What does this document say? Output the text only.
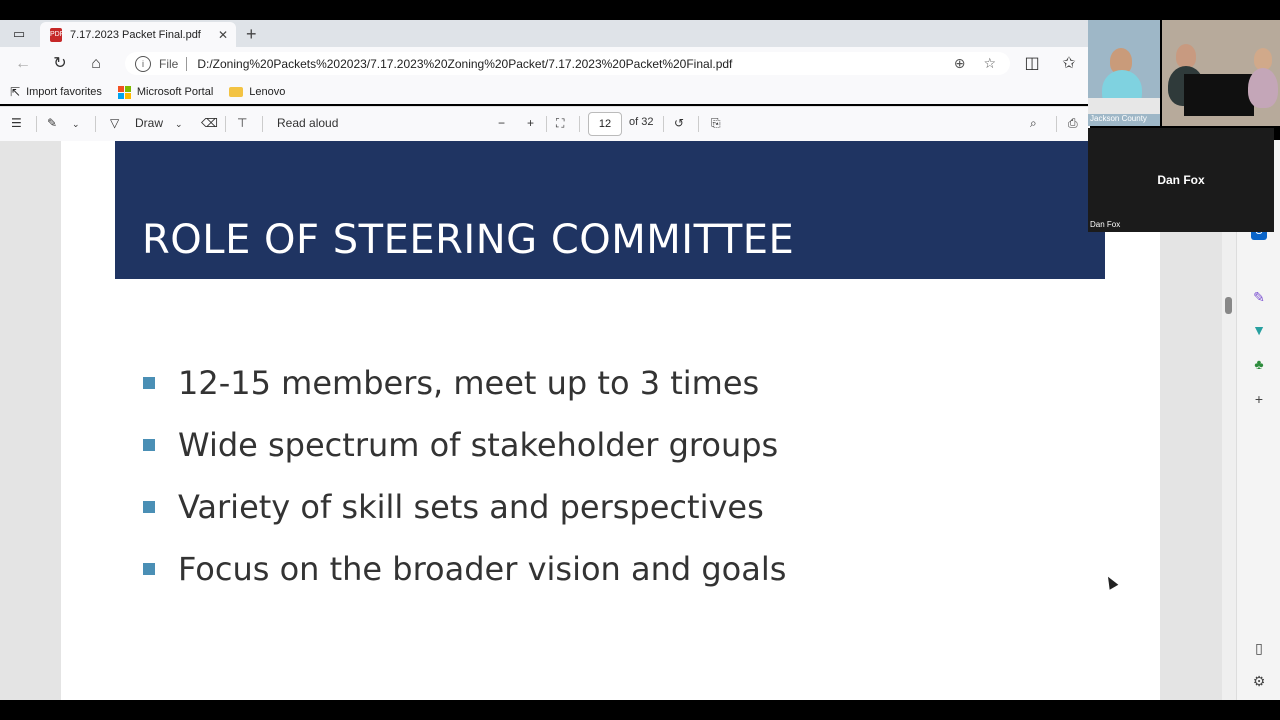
▭	PDF 7.17.2023 Packet Final.pdf ✕ +
← ↻	⌂	i	File D:/Zoning%20Packets%202023/7.17.2023%20Zoning%20Packet/7.17.2023%20Packet%20Final.pdf	⊕ ☆ ◫ ✩
⇱ Import favorites	Microsoft Portal	Lenovo
☰ ✎ ⌄	▽ Draw ⌄ ⌫ ⊤ Read aloud	− + ⛶	12	of 32 ↺ ⎘	⌕	⎙
ROLE OF STEERING COMMITTEE
12-15 members, meet up to 3 times
Wide spectrum of stakeholder groups
Variety of skill sets and perspectives
Focus on the broader vision and goals
✎
▼
♣
+
▯
⚙
Jackson County
Dan Fox
Dan Fox
